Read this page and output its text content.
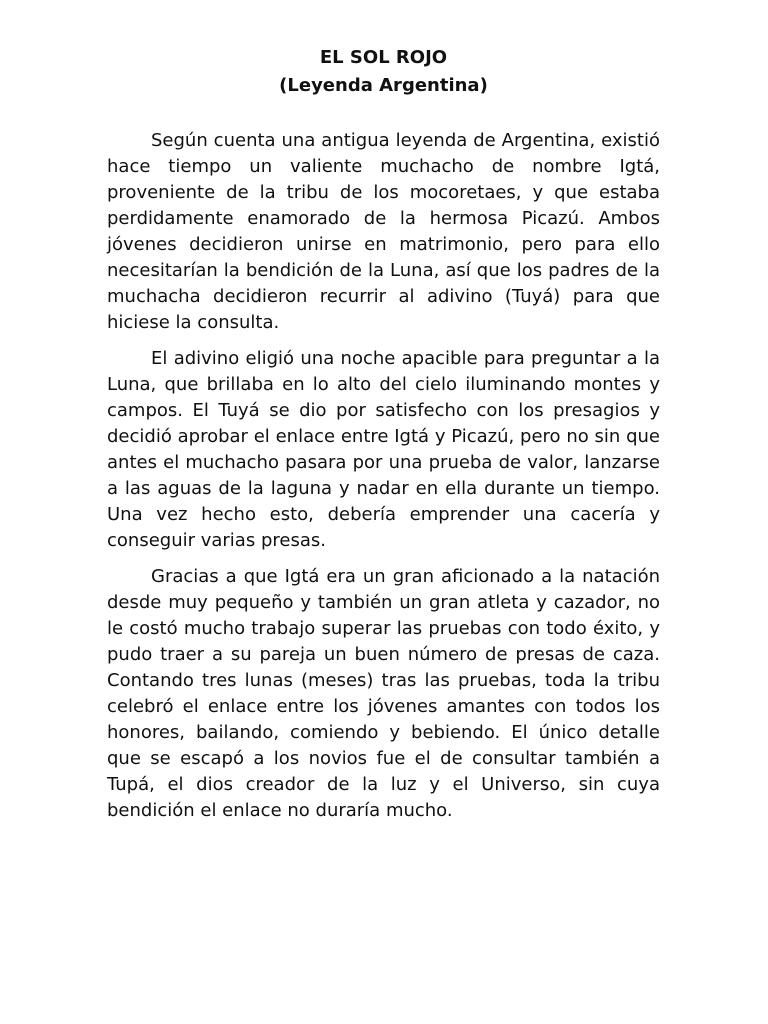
EL SOL ROJO
(Leyenda Argentina)

Según cuenta una antigua leyenda de Argentina, existió hace tiempo un valiente muchacho de nombre Igtá, proveniente de la tribu de los mocoretaes, y que estaba perdidamente enamorado de la hermosa Picazú. Ambos jóvenes decidieron unirse en matrimonio, pero para ello necesitarían la bendición de la Luna, así que los padres de la muchacha decidieron recurrir al adivino (Tuyá) para que hiciese la consulta.

El adivino eligió una noche apacible para preguntar a la Luna, que brillaba en lo alto del cielo iluminando montes y campos. El Tuyá se dio por satisfecho con los presagios y decidió aprobar el enlace entre Igtá y Picazú, pero no sin que antes el muchacho pasara por una prueba de valor, lanzarse a las aguas de la laguna y nadar en ella durante un tiempo. Una vez hecho esto, debería emprender una cacería y conseguir varias presas.

Gracias a que Igtá era un gran aficionado a la natación desde muy pequeño y también un gran atleta y cazador, no le costó mucho trabajo superar las pruebas con todo éxito, y pudo traer a su pareja un buen número de presas de caza. Contando tres lunas (meses) tras las pruebas, toda la tribu celebró el enlace entre los jóvenes amantes con todos los honores, bailando, comiendo y bebiendo. El único detalle que se escapó a los novios fue el de consultar también a Tupá, el dios creador de la luz y el Universo, sin cuya bendición el enlace no duraría mucho.
